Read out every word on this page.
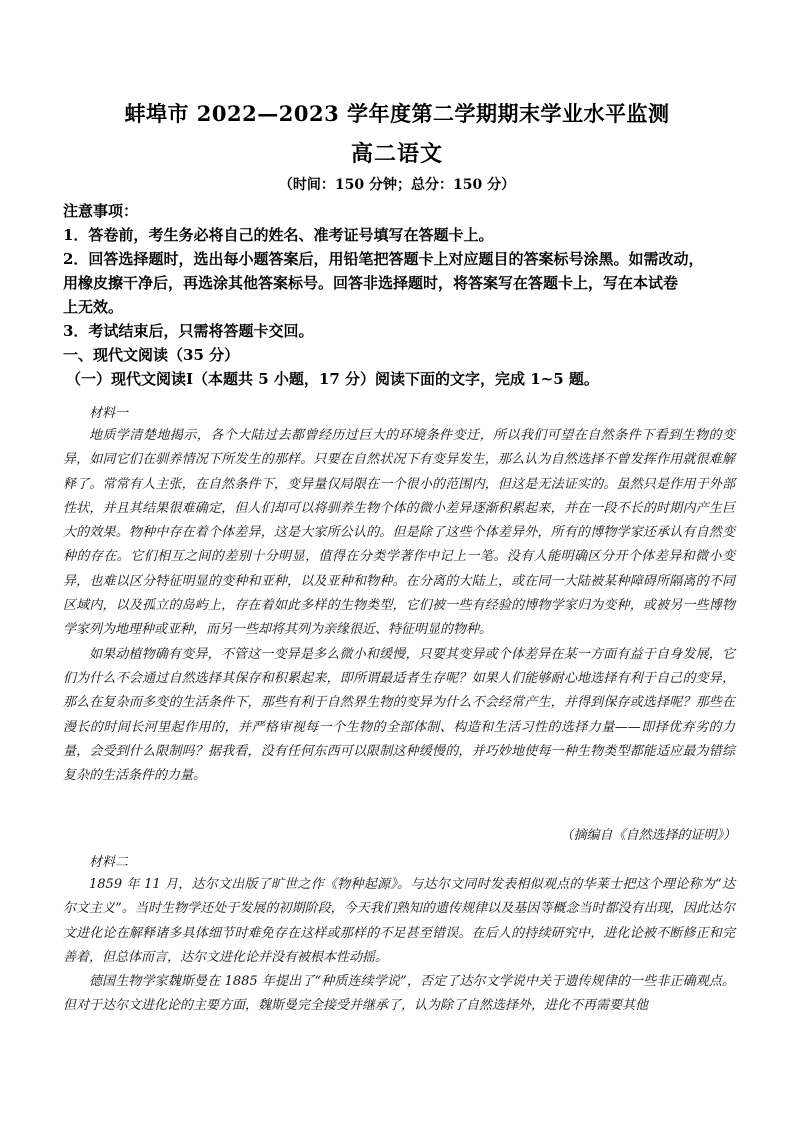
蚌埠市 2022—2023 学年度第二学期期末学业水平监测
高二语文
（时间：150 分钟；总分：150 分）
注意事项：
1．答卷前，考生务必将自己的姓名、准考证号填写在答题卡上。
2．回答选择题时，选出每小题答案后，用铅笔把答题卡上对应题目的答案标号涂黑。如需改动，
用橡皮擦干净后，再选涂其他答案标号。回答非选择题时，将答案写在答题卡上，写在本试卷
上无效。
3．考试结束后，只需将答题卡交回。
一、现代文阅读（35 分）
（一）现代文阅读Ⅰ（本题共 5 小题，17 分）阅读下面的文字，完成 1~5 题。
材料一

地质学清楚地揭示，各个大陆过去都曾经历过巨大的环境条件变迁，所以我们可望在自然条件下看到生物的变异，如同它们在驯养情况下所发生的那样。只要在自然状况下有变异发生，那么认为自然选择不曾发挥作用就很难解释了。常常有人主张，在自然条件下，变异量仅局限在一个很小的范围内，但这是无法证实的。虽然只是作用于外部性状，并且其结果很难确定，但人们却可以将驯养生物个体的微小差异逐渐积累起来，并在一段不长的时期内产生巨大的效果。物种中存在着个体差异，这是大家所公认的。但是除了这些个体差异外，所有的博物学家还承认有自然变种的存在。它们相互之间的差别十分明显，值得在分类学著作中记上一笔。没有人能明确区分开个体差异和微小变异，也难以区分特征明显的变种和亚种，以及亚种和物种。在分离的大陆上，或在同一大陆被某种障碍所隔离的不同区域内，以及孤立的岛屿上，存在着如此多样的生物类型，它们被一些有经验的博物学家归为变种，或被另一些博物学家列为地理种或亚种，而另一些却将其列为亲缘很近、特征明显的物种。

如果动植物确有变异，不管这一变异是多么微小和缓慢，只要其变异或个体差异在某一方面有益于自身发展，它们为什么不会通过自然选择其保存和积累起来，即所谓最适者生存呢？如果人们能够耐心地选择有利于自己的变异，那么在复杂而多变的生活条件下，那些有利于自然界生物的变异为什么不会经常产生，并得到保存或选择呢？那些在漫长的时间长河里起作用的，并严格审视每一个生物的全部体制、构造和生活习性的选择力量——即择优弃劣的力量，会受到什么限制吗？据我看，没有任何东西可以限制这种缓慢的，并巧妙地使每一种生物类型都能适应最为错综复杂的生活条件的力量。

（摘编自《自然选择的证明》）
材料二

1859 年 11 月，达尔文出版了旷世之作《物种起源》。与达尔文同时发表相似观点的华莱士把这个理论称为“达尔文主义”。当时生物学还处于发展的初期阶段，今天我们熟知的遗传规律以及基因等概念当时都没有出现，因此达尔文进化论在解释诸多具体细节时难免存在这样或那样的不足甚至错误。在后人的持续研究中，进化论被不断修正和完善着，但总体而言，达尔文进化论并没有被根本性动摇。

德国生物学家魏斯曼在 1885 年提出了“种质连续学说”，否定了达尔文学说中关于遗传规律的一些非正确观点。但对于达尔文进化论的主要方面，魏斯曼完全接受并继承了，认为除了自然选择外，进化不再需要其他
